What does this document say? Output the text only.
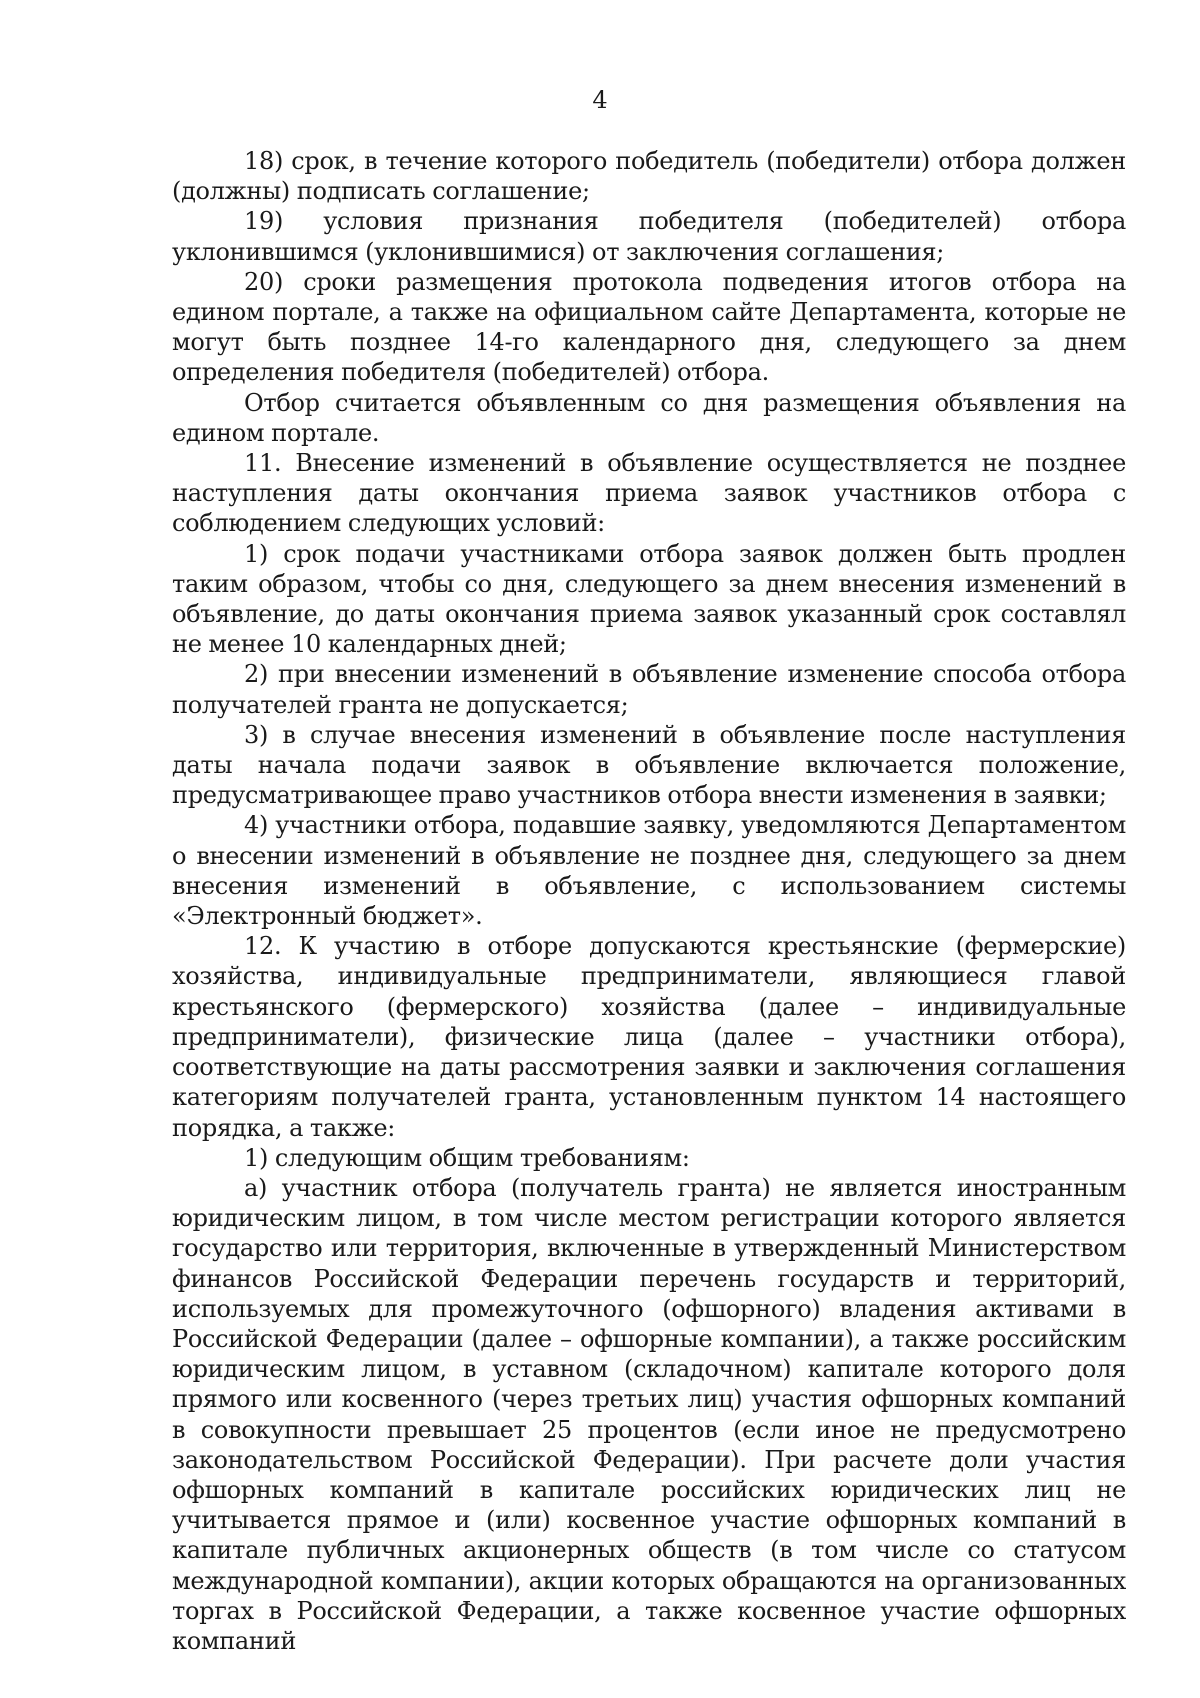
4

18) срок, в течение которого победитель (победители) отбора должен (должны) подписать соглашение;

19) условия признания победителя (победителей) отбора уклонившимся (уклонившимися) от заключения соглашения;

20) сроки размещения протокола подведения итогов отбора на едином портале, а также на официальном сайте Департамента, которые не могут быть позднее 14-го календарного дня, следующего за днем определения победителя (победителей) отбора.

Отбор считается объявленным со дня размещения объявления на едином портале.

11. Внесение изменений в объявление осуществляется не позднее наступления даты окончания приема заявок участников отбора с соблюдением следующих условий:

1) срок подачи участниками отбора заявок должен быть продлен таким образом, чтобы со дня, следующего за днем внесения изменений в объявление, до даты окончания приема заявок указанный срок составлял не менее 10 календарных дней;

2) при внесении изменений в объявление изменение способа отбора получателей гранта не допускается;

3) в случае внесения изменений в объявление после наступления даты начала подачи заявок в объявление включается положение, предусматривающее право участников отбора внести изменения в заявки;

4) участники отбора, подавшие заявку, уведомляются Департаментом о внесении изменений в объявление не позднее дня, следующего за днем внесения изменений в объявление, с использованием системы «Электронный бюджет».

12. К участию в отборе допускаются крестьянские (фермерские) хозяйства, индивидуальные предприниматели, являющиеся главой крестьянского (фермерского) хозяйства (далее – индивидуальные предприниматели), физические лица (далее – участники отбора), соответствующие на даты рассмотрения заявки и заключения соглашения категориям получателей гранта, установленным пунктом 14 настоящего порядка, а также:

1) следующим общим требованиям:

а) участник отбора (получатель гранта) не является иностранным юридическим лицом, в том числе местом регистрации которого является государство или территория, включенные в утвержденный Министерством финансов Российской Федерации перечень государств и территорий, используемых для промежуточного (офшорного) владения активами в Российской Федерации (далее – офшорные компании), а также российским юридическим лицом, в уставном (складочном) капитале которого доля прямого или косвенного (через третьих лиц) участия офшорных компаний в совокупности превышает 25 процентов (если иное не предусмотрено законодательством Российской Федерации). При расчете доли участия офшорных компаний в капитале российских юридических лиц не учитывается прямое и (или) косвенное участие офшорных компаний в капитале публичных акционерных обществ (в том числе со статусом международной компании), акции которых обращаются на организованных торгах в Российской Федерации, а также косвенное участие офшорных компаний
